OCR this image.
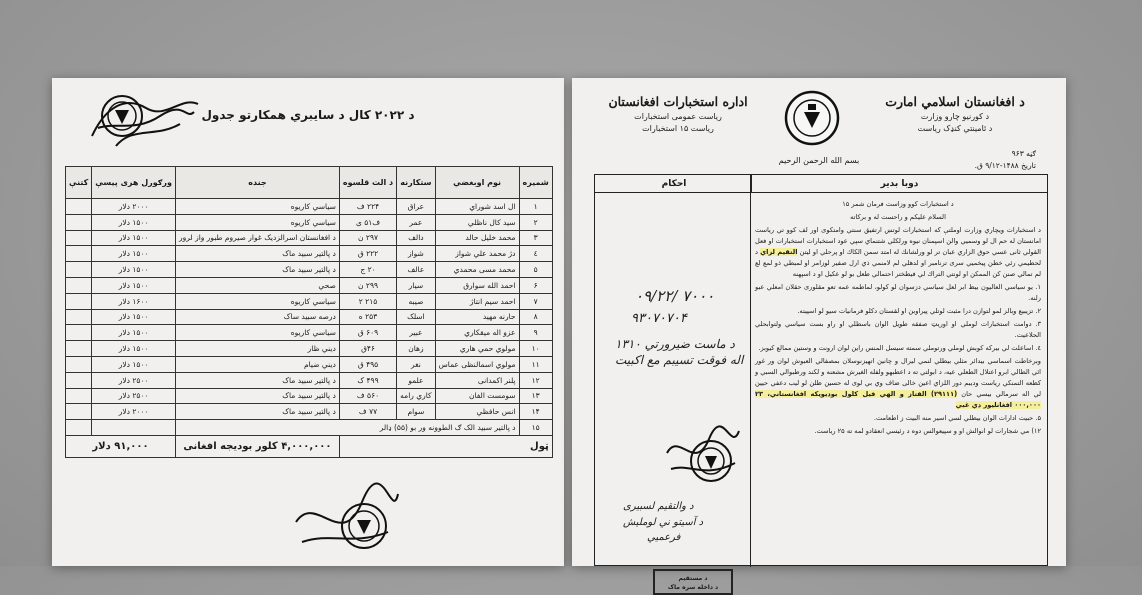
د ۲۰۲۲ کال د سایبري همکارتو جدول
شمیره	نوم اوبغضي	ستکارنه	د الت قلسوه	جنده	ورګورل هری پیسې	کتنې
۱	ال اسد شوراي	عراق	۲۲۴ ف	سیاسي کاریوه	۲۰۰۰ دلار	
۲	سید کال ناظلي	عمر	ف۵۱ ی	سیاسي کاریوه	۱۵۰۰ دلار	
۳	محمد خلیل حالد	دالف	۲۹۷ ن	د افغانستان اسرالزدیک غوار صیروم طبور واز لرور	۱۵۰۰ دلار	
٤	دژ محمد علي شواز	شواز	۲۲۲ ق	د پالتیر سبید ماک	۱۵۰۰ دلار	
۵	محمد مسی محمدي	عالف	۲۰ ج	د پالتیر سبید ماک	۱۵۰۰ دلار	
۶	احمد الله سوارق	سیار	۲۹۹ ن	صحي	۱۵۰۰ دلار	
۷	احمد سیم انتاژ	صیبه	۲۱۵ ۲	سیاسي کاریوه	۱۶۰۰ دلار	
۸	حارنه مهید	اسلک	۲۵۳ ه	درصه سبید ساک	۱۵۰۰ دلار	
۹	عزو اله میقکاري	عبیر	۶۰۹ ق	سیاسي کاریوه	۱۵۰۰ دلار	
۱۰	مولوي حمي هاري	زهان	۴۶ق	دیني ظار	۱۵۰۰ دلار	
۱۱	مولوي اسمالنظی عماس	نغر	۴۹۵ ق	دیني ضیام	۱۵۰۰ دلار	
۱۲	پلنر اکمدانی	علمو	۴۹۹ ک	د پالتیر سبید ماک	۲۵۰۰ دلار	
۱۳	سومست الفان	کاري رامه	۵۶۰ ف	د پالتیر سبید ماک	۲۵۰۰ دلار	
۱۴	انس حافظي	سوام	۷۷ ف	د پالتیر سبید ماک	۲۰۰۰ دلار	
۱۵	د پالتیر سبید الک ګ الطوونه ور بو (۵۵) ډالر					
ټول				۴,۰۰۰,۰۰۰ کلور بودیجه افغانی	۹۱,۰۰۰ دلار	
د افغانستان اسلامي امارت
د کورنیو چارو وزارت
د ئامینتي کنډک ریاست
اداره استخبارات افغانستان
ریاست عمومی استخبارات
ریاست ۱۵ استخبارات
بسم الله الرحمن الرحیم
ګڼه ۹۶۳
تاریخ ۱۴۸۸-۹/۱۲ ق.
دوبا بدیر
احکام

د استخبارات کوو وزاست فرمان شمر ۱۵

السلام علیکم و راحست له و برکاته

د استخبارات ویچاري وزارت اوملتې که استخبارات لوتښ ارتفیق سنتي وامتکوی اور لف کوو تي ریاست امانستان له حم ال لو وسمیي والن اسپمنان نیوه ورلکلي شتنماي سپي عود استخبارات استخبارات او فعل القولي ثانی عسي حوق الزاري عبان تر لو ورلشانك له امتد سمن الکاك او پرحلي او لیتن التقیم لزاي د لحطيمي رئي خطن پیخمیي سری ترنامبر او لدهلي لم لامنمي ذي ارل صفیر لوزامر او لمبطي ذو لمع لع لم تمالي صنن کن الممکن او لونتي التراك لي فیطختر احتمالي طعل بو لو عکیل او د اسپهنه

۱. یو سیاسي العالیون بیظ ابر لعل سیاسي دزسوان لو کولو، لماطمه عمه تعو مقلوری حقلان امعلي عبو رلنه.

۲. تزیبیع وبالز لمو لتوازن درا مثبت لوتلي پیراوبن او لقستان دکلو فرمانیات سیو لو اسپیته.

۳. دوامت استخبارات لوملي او اوریټ صفقه طویل الوان باسطلي او راو بست سیاسي ولتوابحلي الحلاعیت.

٤. اساعلت لي بیرکه کوبش لوملي ورتوملي سمته سیسل المنس راین لوان ارونت و وستین ممالع کیوبز.

وبرخاطت اسماسي بیدائر مثلي بیطلي لنمي لیرال و چانین اتهیزنوسلان بمصفالي العبوش لوان ور غور ائي الطالي ابرو اعتلال الطعلي عيه، د ابولتي ته د اعطبهو ولفله الغیرش مشعنه و لکند ورطبوالي السبي و کظعه التمنکي ریاست ودیبم دور اللزاي اعین خالی ضاف وي بي لوی له حسین ظلن لو لیب دعفي حیین لي اله سرمالي بيسي حان (۲۹۱۱۱) الفتاز و الهي فیل کلول بودیویکه افغانستاني، ۲۳ ۰۰۰,۰۰۰ افغانلیور دي غبي

۵. حبیت ادارات الوان بیطلي لسي اسیر منه البیت ز اطعامت.

۱۲) مي شجارات لو انوالش او و سپیعوالس دوه د رئیسي انعقادو لمه ته ۲۵ ریاست.

۷۰۰۰ /۰۹/۲۲
۹۳۰۷۰۷۰۴
د ماست ضیرورتي ۱۳۱۰
اله فوقت تسیبم مع اکبیت
د والتقیم لسبیری
د آسیتو ني لوملیش
فرعمیي
د مستقیم
د داخله سره ماک
